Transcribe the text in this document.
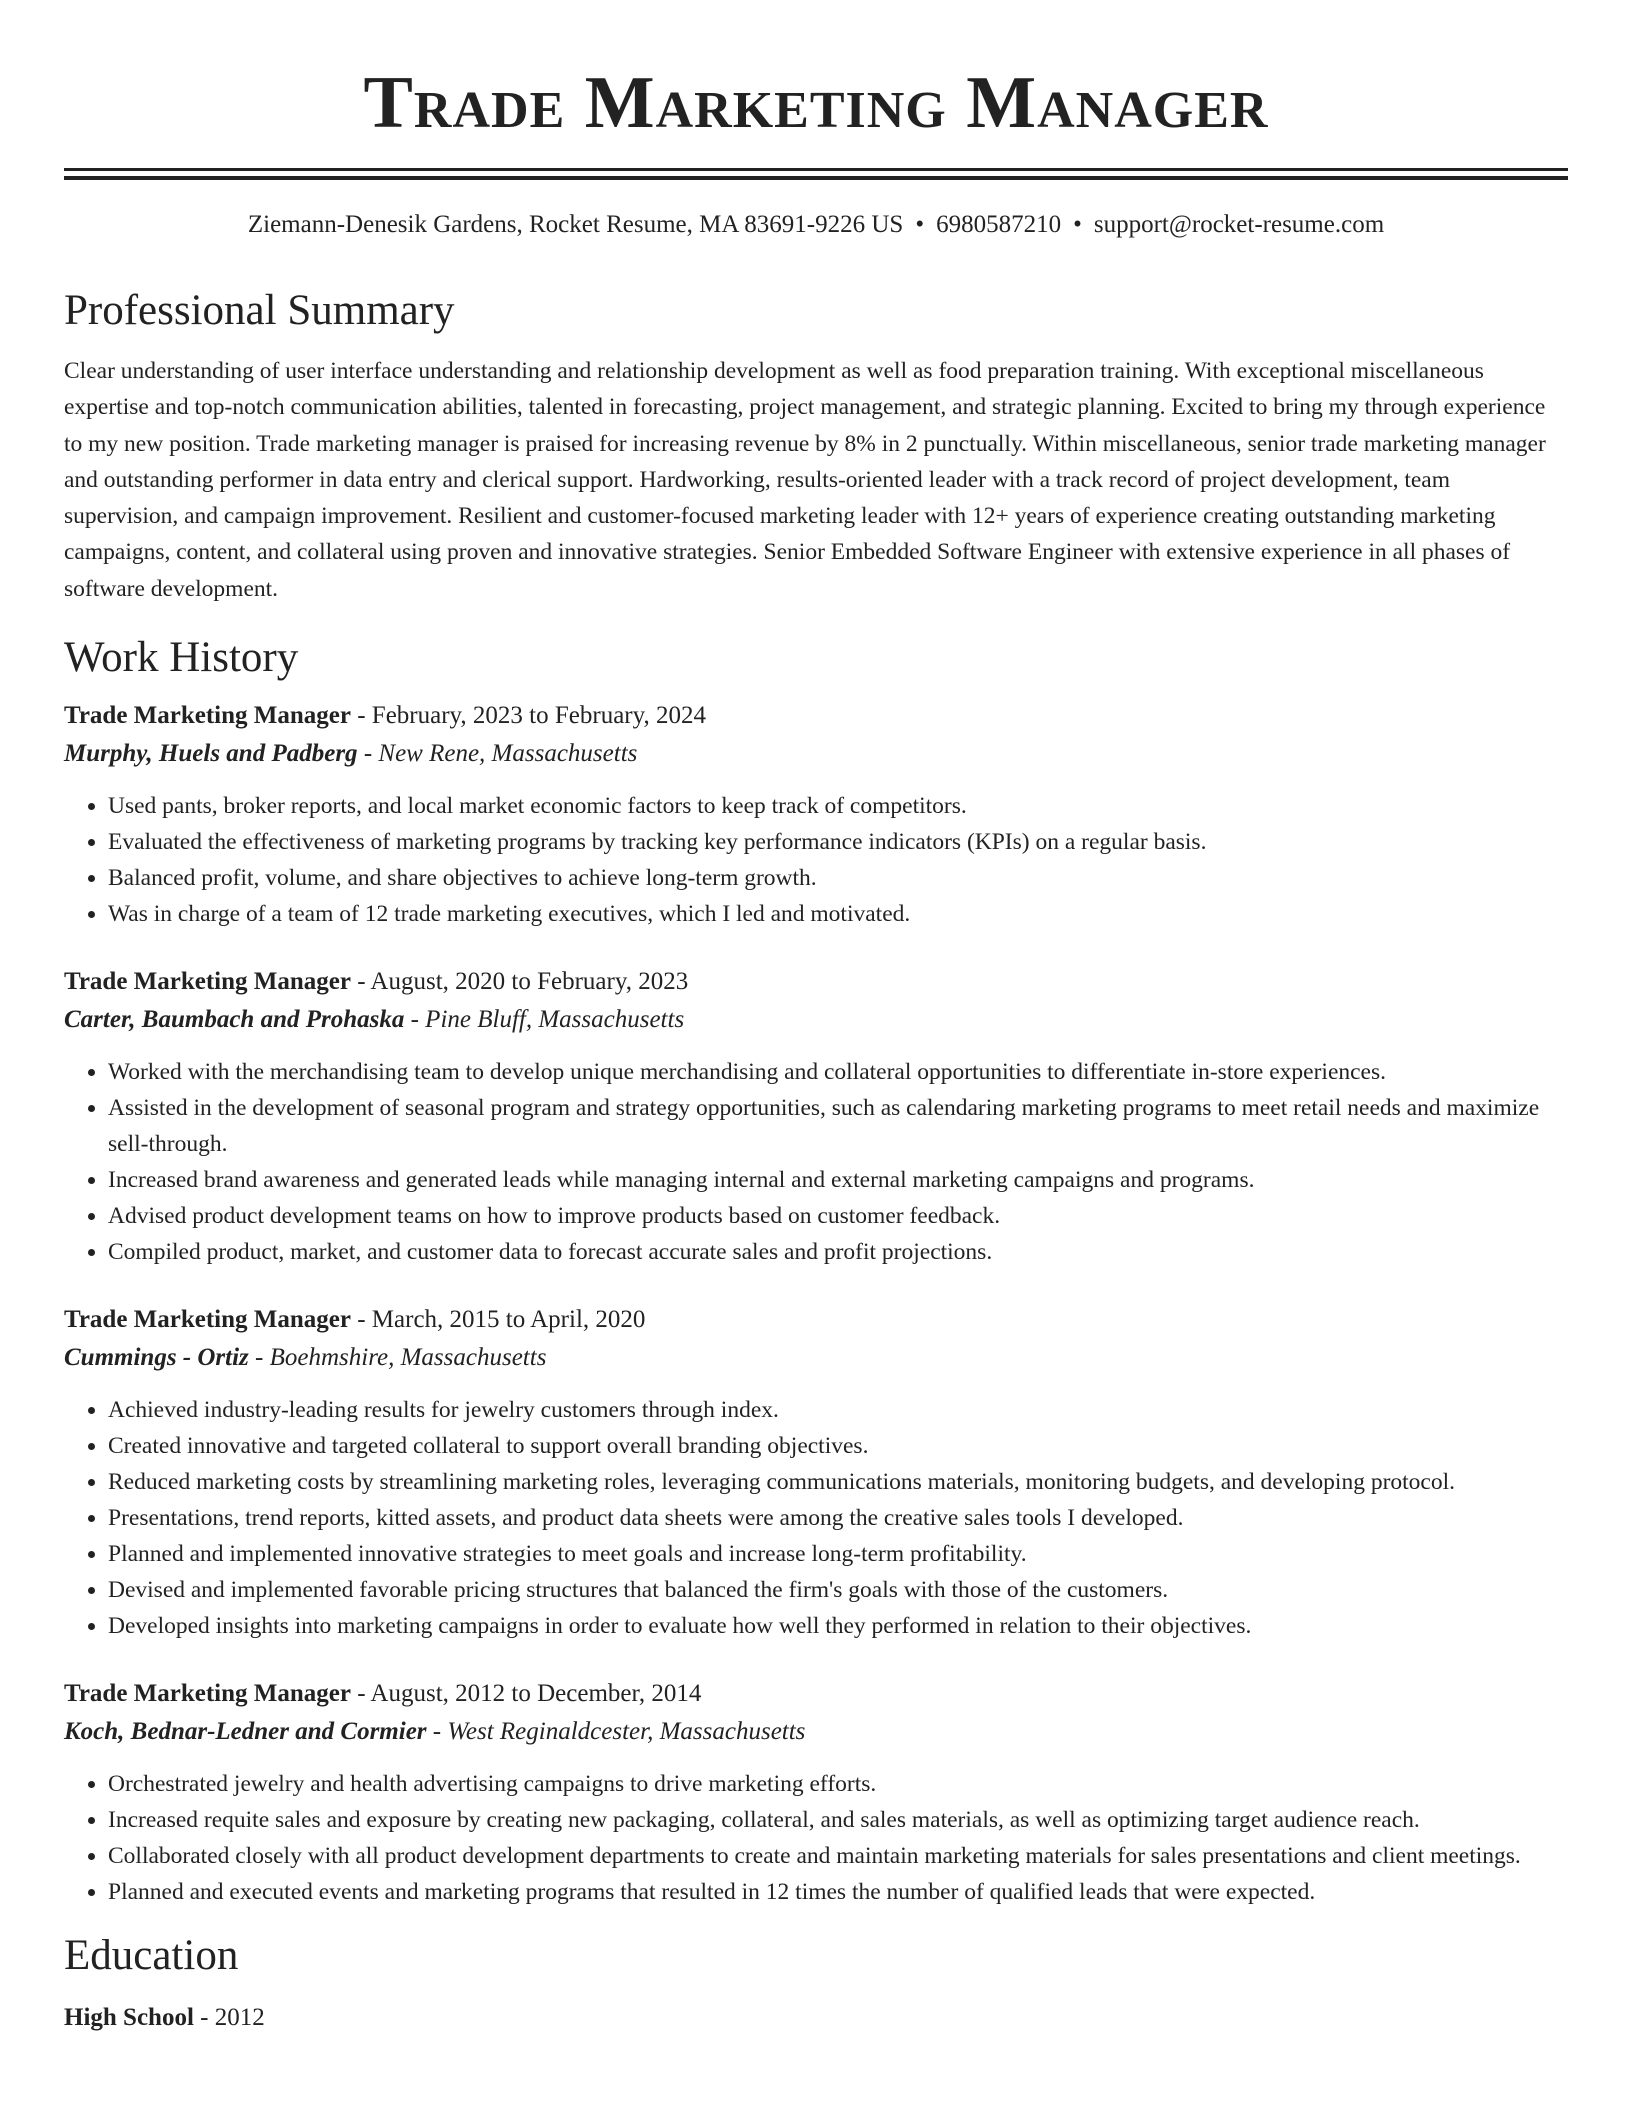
Trade Marketing Manager
Ziemann-Denesik Gardens, Rocket Resume, MA 83691-9226 US • 6980587210 • support@rocket-resume.com
Professional Summary

Clear understanding of user interface understanding and relationship development as well as food preparation training. With exceptional miscellaneous expertise and top-notch communication abilities, talented in forecasting, project management, and strategic planning. Excited to bring my through experience to my new position. Trade marketing manager is praised for increasing revenue by 8% in 2 punctually. Within miscellaneous, senior trade marketing manager and outstanding performer in data entry and clerical support. Hardworking, results-oriented leader with a track record of project development, team supervision, and campaign improvement. Resilient and customer-focused marketing leader with 12+ years of experience creating outstanding marketing campaigns, content, and collateral using proven and innovative strategies. Senior Embedded Software Engineer with extensive experience in all phases of software development.

Work History
Trade Marketing Manager - February, 2023 to February, 2024
Murphy, Huels and Padberg - New Rene, Massachusetts
• Used pants, broker reports, and local market economic factors to keep track of competitors.
• Evaluated the effectiveness of marketing programs by tracking key performance indicators (KPIs) on a regular basis.
• Balanced profit, volume, and share objectives to achieve long-term growth.
• Was in charge of a team of 12 trade marketing executives, which I led and motivated.
Trade Marketing Manager - August, 2020 to February, 2023
Carter, Baumbach and Prohaska - Pine Bluff, Massachusetts
• Worked with the merchandising team to develop unique merchandising and collateral opportunities to differentiate in-store experiences.
• Assisted in the development of seasonal program and strategy opportunities, such as calendaring marketing programs to meet retail needs and maximize sell-through.
• Increased brand awareness and generated leads while managing internal and external marketing campaigns and programs.
• Advised product development teams on how to improve products based on customer feedback.
• Compiled product, market, and customer data to forecast accurate sales and profit projections.
Trade Marketing Manager - March, 2015 to April, 2020
Cummings - Ortiz - Boehmshire, Massachusetts
• Achieved industry-leading results for jewelry customers through index.
• Created innovative and targeted collateral to support overall branding objectives.
• Reduced marketing costs by streamlining marketing roles, leveraging communications materials, monitoring budgets, and developing protocol.
• Presentations, trend reports, kitted assets, and product data sheets were among the creative sales tools I developed.
• Planned and implemented innovative strategies to meet goals and increase long-term profitability.
• Devised and implemented favorable pricing structures that balanced the firm's goals with those of the customers.
• Developed insights into marketing campaigns in order to evaluate how well they performed in relation to their objectives.
Trade Marketing Manager - August, 2012 to December, 2014
Koch, Bednar-Ledner and Cormier - West Reginaldcester, Massachusetts
• Orchestrated jewelry and health advertising campaigns to drive marketing efforts.
• Increased requite sales and exposure by creating new packaging, collateral, and sales materials, as well as optimizing target audience reach.
• Collaborated closely with all product development departments to create and maintain marketing materials for sales presentations and client meetings.
• Planned and executed events and marketing programs that resulted in 12 times the number of qualified leads that were expected.
Education
High School - 2012
